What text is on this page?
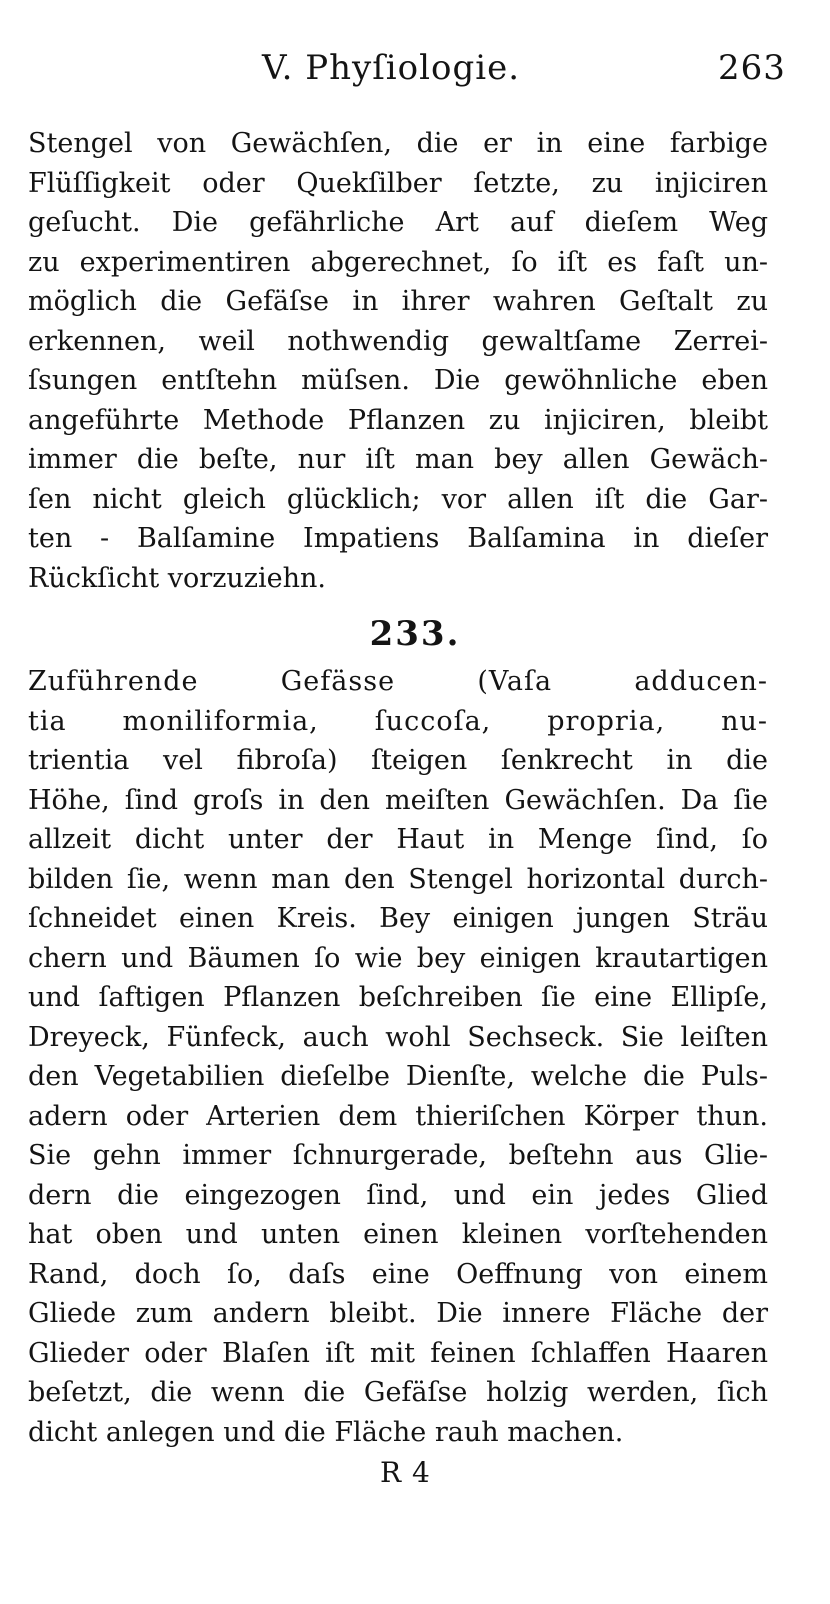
V. Phyſiologie.	263
Stengel von Gewächſen, die er in eine farbige
Flüſſigkeit oder Quekſilber ſetzte, zu injiciren
geſucht. Die gefährliche Art auf dieſem Weg
zu experimentiren abgerechnet, ſo iſt es faſt un-
möglich die Gefäſse in ihrer wahren Geſtalt zu
erkennen, weil nothwendig gewaltſame Zerrei-
ſsungen entſtehn müſsen. Die gewöhnliche eben
angeführte Methode Pflanzen zu injiciren, bleibt
immer die beſte, nur iſt man bey allen Gewäch-
ſen nicht gleich glücklich; vor allen iſt die Gar-
ten - Balſamine Impatiens Balſamina in dieſer
Rückſicht vorzuziehn.
233.
Zuführende Gefässe (Vaſa adducen-
tia moniliformia, ſuccoſa, propria, nu-
trientia vel fibroſa) ſteigen ſenkrecht in die
Höhe, ſind groſs in den meiſten Gewächſen. Da ſie
allzeit dicht unter der Haut in Menge ſind, ſo
bilden ſie, wenn man den Stengel horizontal durch-
ſchneidet einen Kreis. Bey einigen jungen Sträu
chern und Bäumen ſo wie bey einigen krautartigen
und ſaftigen Pflanzen beſchreiben ſie eine Ellipſe,
Dreyeck, Fünfeck, auch wohl Sechseck. Sie leiſten
den Vegetabilien dieſelbe Dienſte, welche die Puls-
adern oder Arterien dem thieriſchen Körper thun.
Sie gehn immer ſchnurgerade, beſtehn aus Glie-
dern die eingezogen ſind, und ein jedes Glied
hat oben und unten einen kleinen vorſtehenden
Rand, doch ſo, daſs eine Oeffnung von einem
Gliede zum andern bleibt. Die innere Fläche der
Glieder oder Blaſen iſt mit feinen ſchlaffen Haaren
beſetzt, die wenn die Gefäſse holzig werden, ſich
dicht anlegen und die Fläche rauh machen.
R 4
